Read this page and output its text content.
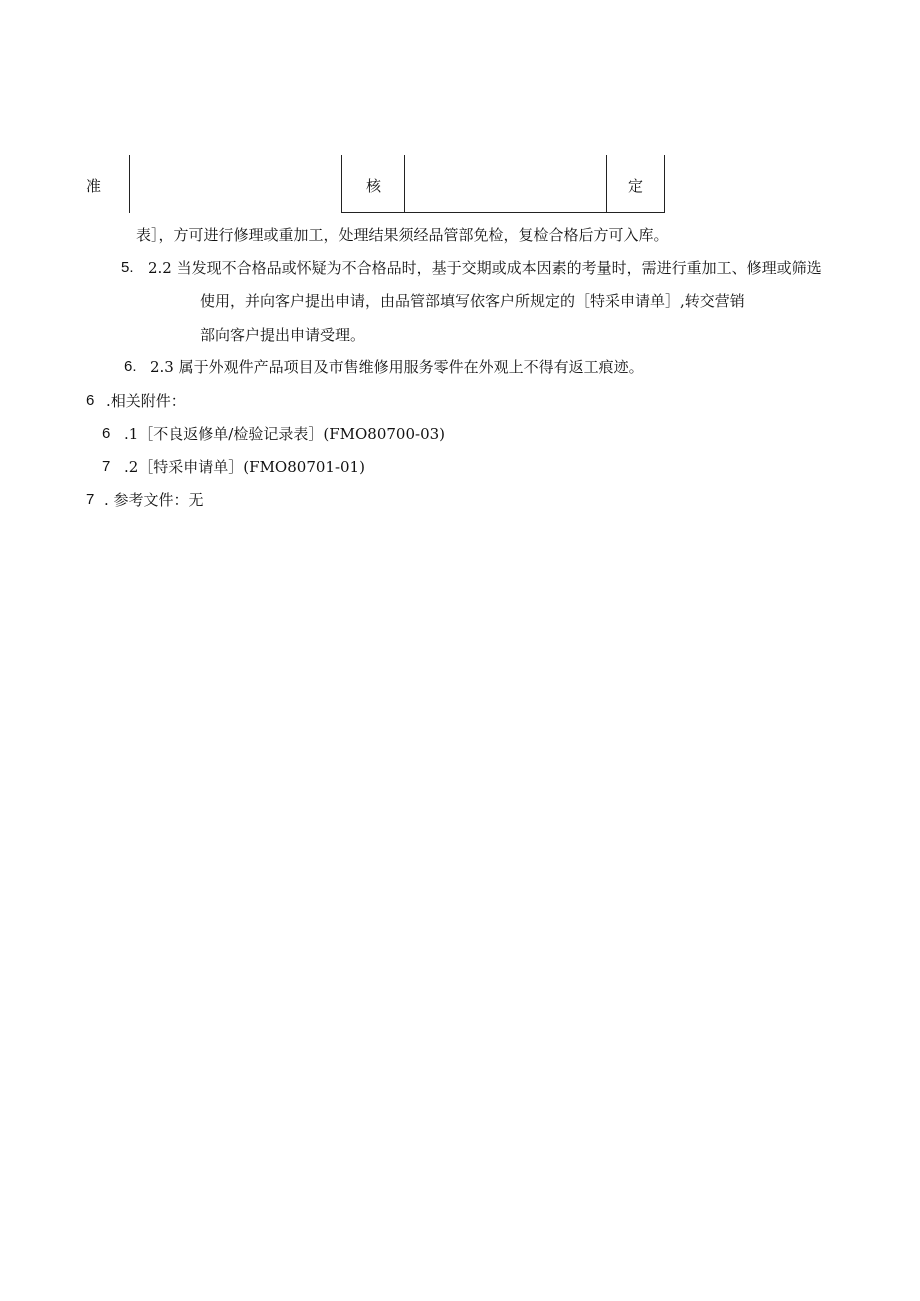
准	核	定
表］，方可进行修理或重加工，处理结果须经品管部免检，复检合格后方可入库。
5. 2.2 当发现不合格品或怀疑为不合格品时，基于交期或成本因素的考量时，需进行重加工、修理或筛选
使用，并向客户提出申请，由品管部填写依客户所规定的［特采申请单］,转交营销
部向客户提出申请受理。
6. 2.3 属于外观件产品项目及市售维修用服务零件在外观上不得有返工痕迹。
6 .相关附件：
6 .1［不良返修单/检验记录表］(FMO80700-03)
7 .2［特采申请单］(FMO80701-01)
7 . 参考文件：无
